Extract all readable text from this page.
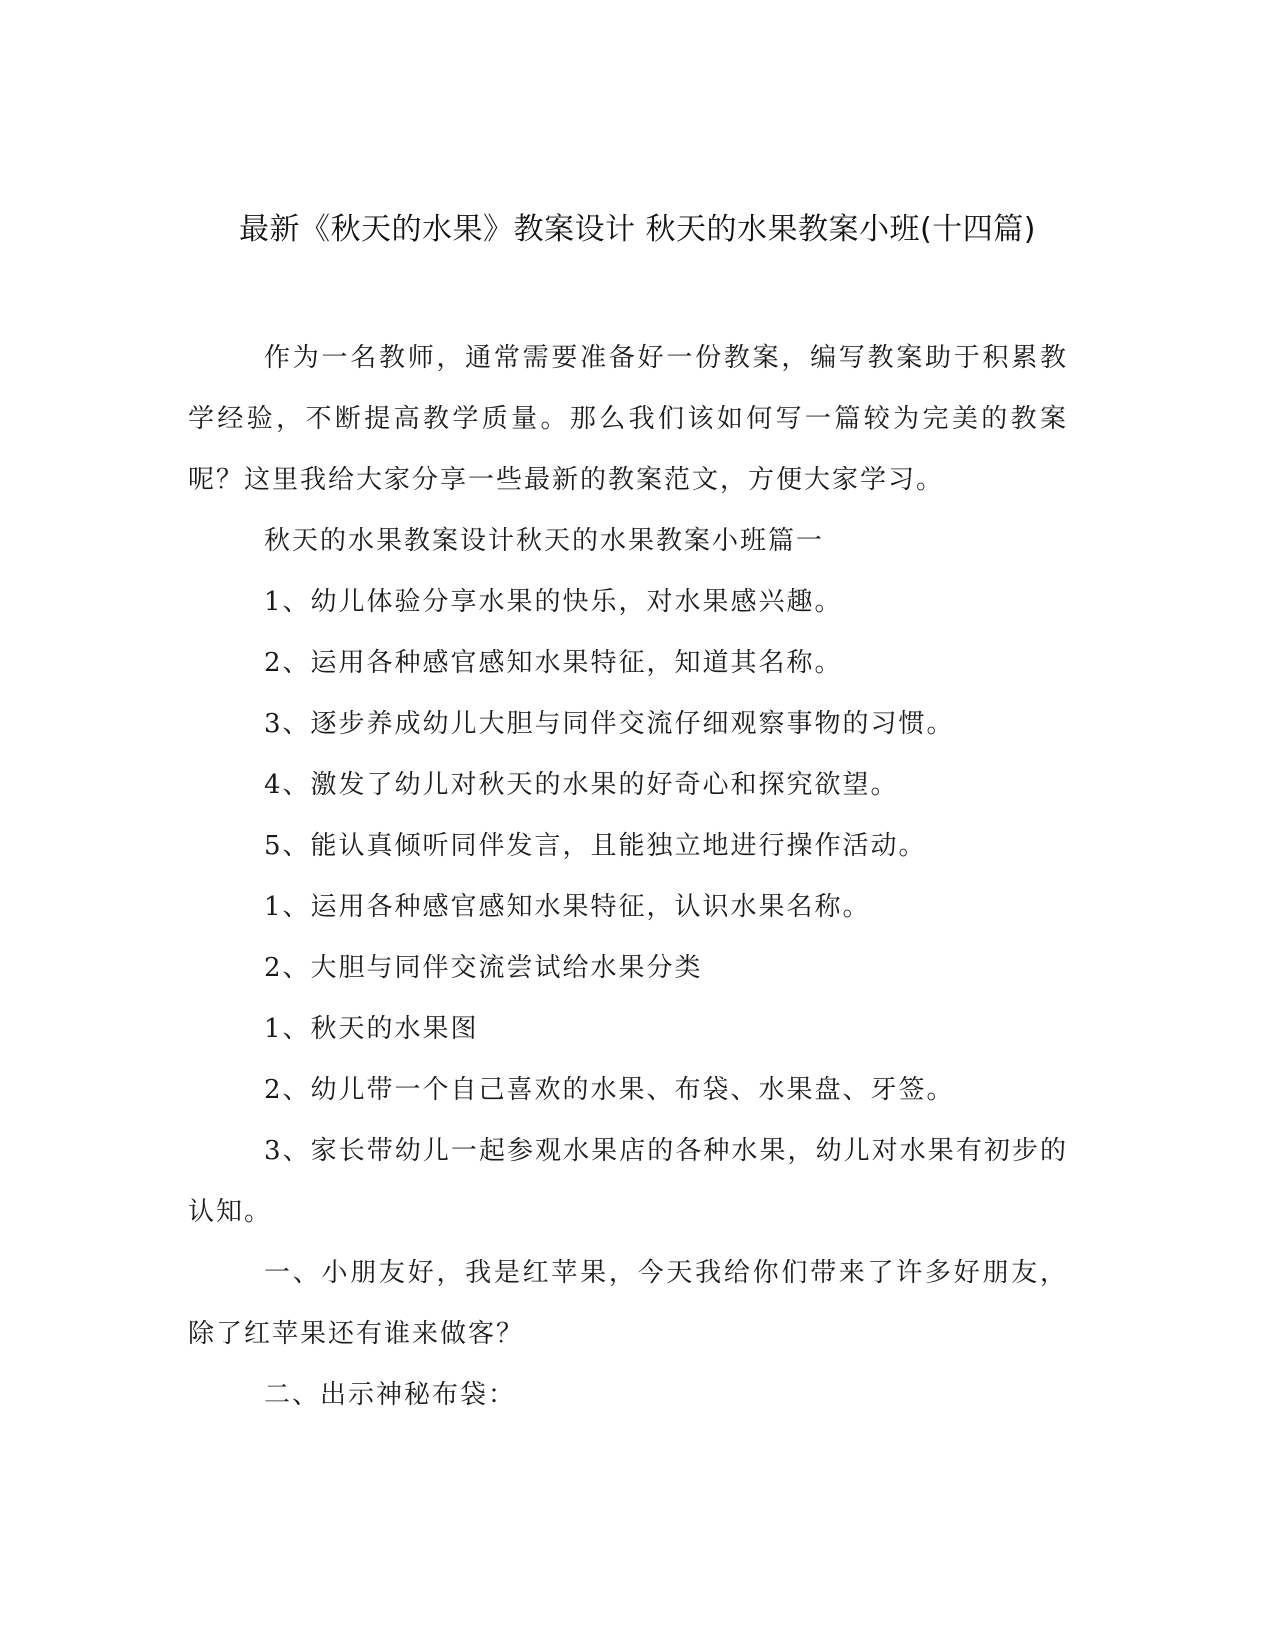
最新《秋天的水果》教案设计 秋天的水果教案小班(十四篇)

作为一名教师，通常需要准备好一份教案，编写教案助于积累教学经验，不断提高教学质量。那么我们该如何写一篇较为完美的教案呢？这里我给大家分享一些最新的教案范文，方便大家学习。

秋天的水果教案设计秋天的水果教案小班篇一

1、幼儿体验分享水果的快乐，对水果感兴趣。

2、运用各种感官感知水果特征，知道其名称。

3、逐步养成幼儿大胆与同伴交流仔细观察事物的习惯。

4、激发了幼儿对秋天的水果的好奇心和探究欲望。

5、能认真倾听同伴发言，且能独立地进行操作活动。

1、运用各种感官感知水果特征，认识水果名称。

2、大胆与同伴交流尝试给水果分类

1、秋天的水果图

2、幼儿带一个自己喜欢的水果、布袋、水果盘、牙签。

3、家长带幼儿一起参观水果店的各种水果，幼儿对水果有初步的认知。

一、小朋友好，我是红苹果，今天我给你们带来了许多好朋友，除了红苹果还有谁来做客？

二、出示神秘布袋：
